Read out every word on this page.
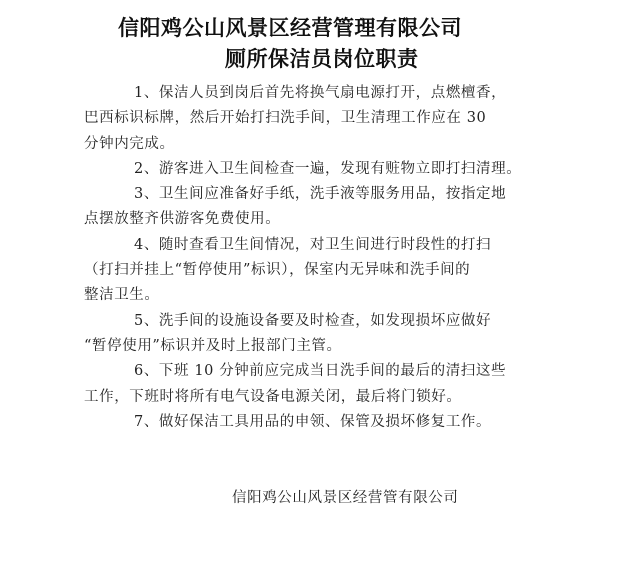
信阳鸡公山风景区经营管理有限公司
厕所保洁员岗位职责
1、保洁人员到岗后首先将换气扇电源打开，点燃檀香，
巴西标识标牌，然后开始打扫洗手间，卫生清理工作应在 30
分钟内完成。
2、游客进入卫生间检查一遍，发现有赃物立即打扫清理。
3、卫生间应准备好手纸，洗手液等服务用品，按指定地
点摆放整齐供游客免费使用。
4、随时查看卫生间情况，对卫生间进行时段性的打扫
（打扫并挂上“暂停使用”标识），保室内无异味和洗手间的
整洁卫生。
5、洗手间的设施设备要及时检查，如发现损坏应做好
“暂停使用”标识并及时上报部门主管。
6、下班 10 分钟前应完成当日洗手间的最后的清扫这些
工作，下班时将所有电气设备电源关闭，最后将门锁好。
7、做好保洁工具用品的申领、保管及损坏修复工作。
信阳鸡公山风景区经营管有限公司
